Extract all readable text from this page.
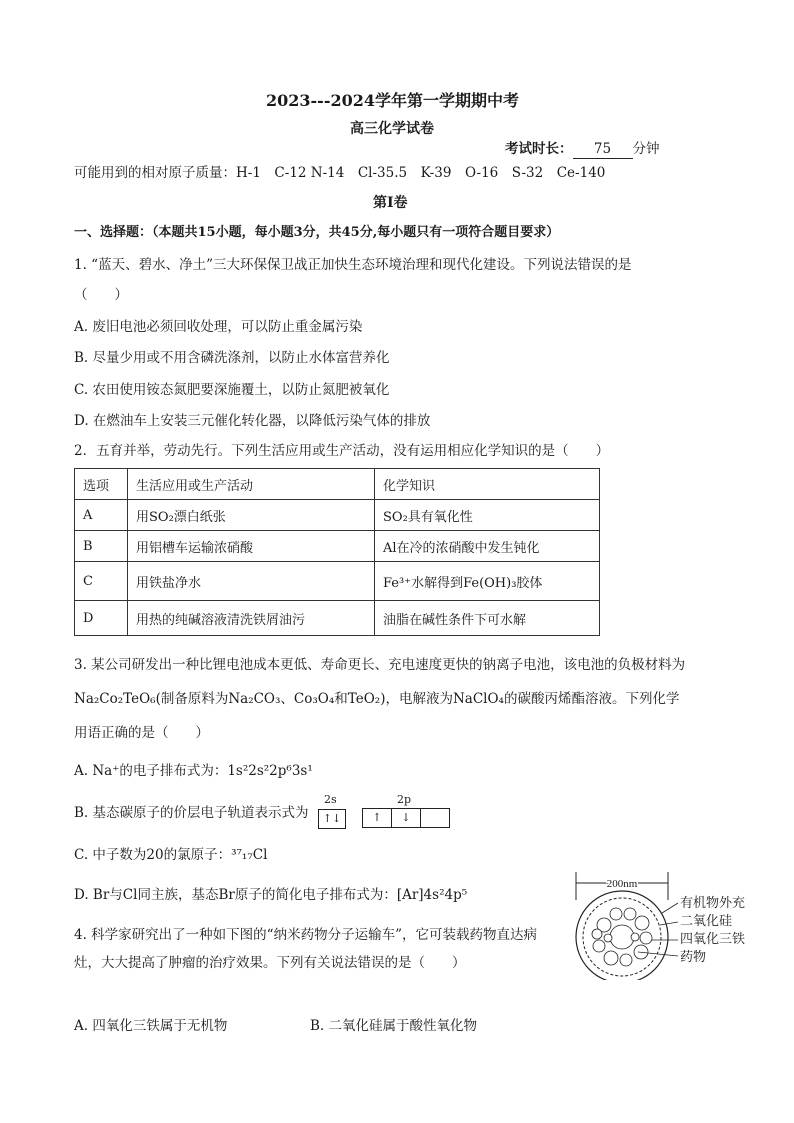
2023---2024学年第一学期期中考
高三化学试卷
考试时长： 75 分钟
可能用到的相对原子质量：H-1　C-12 N-14　Cl-35.5　K-39　O-16　S-32　Ce-140
第Ⅰ卷
一、选择题：（本题共15小题，每小题3分，共45分,每小题只有一项符合题目要求）
1. “蓝天、碧水、净土”三大环保保卫战正加快生态环境治理和现代化建设。下列说法错误的是
（　　）
A. 废旧电池必须回收处理，可以防止重金属污染
B. 尽量少用或不用含磷洗涤剂，以防止水体富营养化
C. 农田使用铵态氮肥要深施覆土，以防止氮肥被氧化
D. 在燃油车上安装三元催化转化器，以降低污染气体的排放
2．五育并举，劳动先行。下列生活应用或生产活动，没有运用相应化学知识的是（　　）
选项	生活应用或生产活动	化学知识
A	用SO₂漂白纸张	SO₂具有氧化性
B	用铝槽车运输浓硝酸	Al在冷的浓硝酸中发生钝化
C	用铁盐净水	Fe³⁺水解得到Fe(OH)₃胶体
D	用热的纯碱溶液清洗铁屑油污	油脂在碱性条件下可水解
3. 某公司研发出一种比锂电池成本更低、寿命更长、充电速度更快的钠离子电池，该电池的负极材料为
Na₂Co₂TeO₆(制备原料为Na₂CO₃、Co₃O₄和TeO₂)，电解液为NaClO₄的碳酸丙烯酯溶液。下列化学
用语正确的是（　　）
A. Na⁺的电子排布式为：1s²2s²2p⁶3s¹
B. 基态碳原子的价层电子轨道表示式为
2s
↑↓
2p
↑	↓
C. 中子数为20的氯原子：³⁷₁₇Cl
D. Br与Cl同主族，基态Br原子的简化电子排布式为：[Ar]4s²4p⁵
4. 科学家研究出了一种如下图的“纳米药物分子运输车”，它可装载药物直达病
灶，大大提高了肿瘤的治疗效果。下列有关说法错误的是（　　）
A. 四氧化三铁属于无机物	B. 二氧化硅属于酸性氧化物
200nm
有机物外充
二氧化硅
四氧化三铁
药物
